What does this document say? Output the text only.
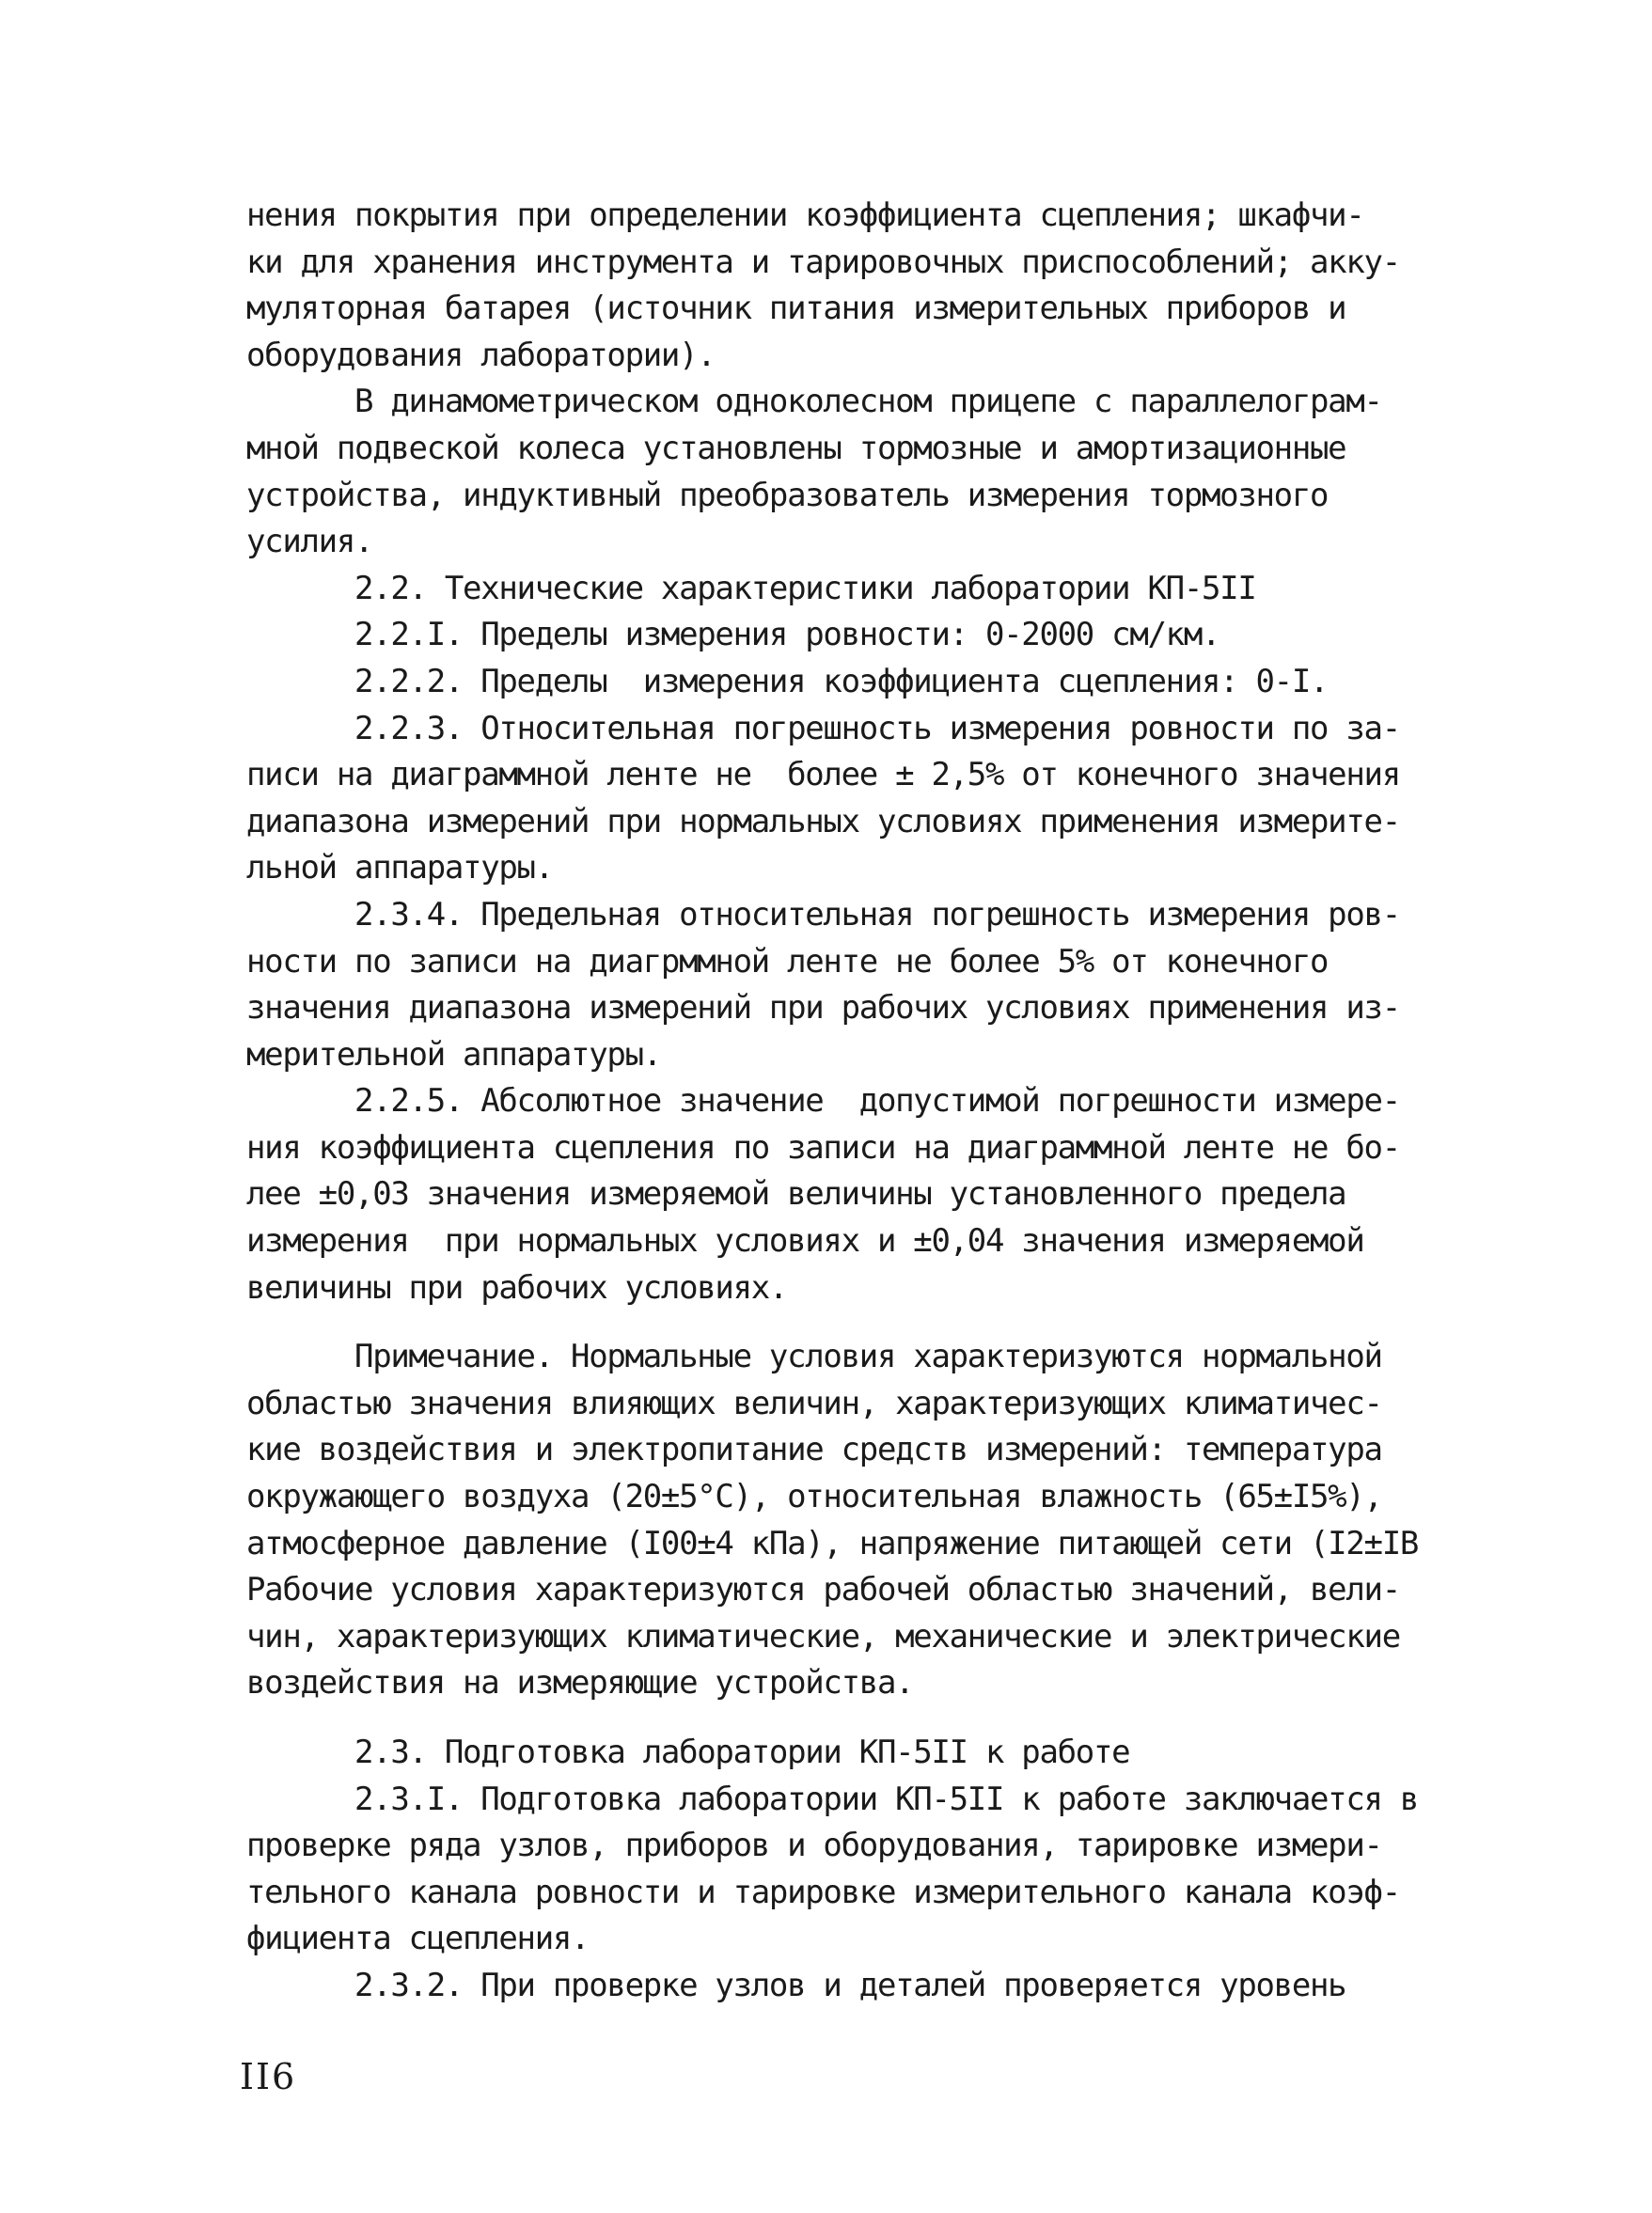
нения покрытия при определении коэффициента сцепления; шкафчи-
ки для хранения инструмента и тарировочных приспособлений; акку-
муляторная батарея (источник питания измерительных приборов и
оборудования лаборатории).
В динамометрическом одноколесном прицепе с параллелограм-
мной подвеской колеса установлены тормозные и амортизационные
устройства, индуктивный преобразователь измерения тормозного
усилия.
2.2. Технические характеристики лаборатории КП-5II
2.2.I. Пределы измерения ровности: 0-2000 см/км.
2.2.2. Пределы  измерения коэффициента сцепления: 0-I.
2.2.3. Относительная погрешность измерения ровности по за-
писи на диаграммной ленте не  более ± 2,5% от конечного значения
диапазона измерений при нормальных условиях применения измерите-
льной аппаратуры.
2.3.4. Предельная относительная погрешность измерения ров-
ности по записи на диагрммной ленте не более 5% от конечного
значения диапазона измерений при рабочих условиях применения из-
мерительной аппаратуры.
2.2.5. Абсолютное значение  допустимой погрешности измере-
ния коэффициента сцепления по записи на диаграммной ленте не бо-
лее ±0,03 значения измеряемой величины установленного предела
измерения  при нормальных условиях и ±0,04 значения измеряемой
величины при рабочих условиях.
Примечание. Нормальные условия характеризуются нормальной
областью значения влияющих величин, характеризующих климатичес-
кие воздействия и электропитание средств измерений: температура
окружающего воздуха (20±5°С), относительная влажность (65±I5%),
атмосферное давление (I00±4 кПа), напряжение питающей сети (I2±IB
Рабочие условия характеризуются рабочей областью значений, вели-
чин, характеризующих климатические, механические и электрические
воздействия на измеряющие устройства.
2.3. Подготовка лаборатории КП-5II к работе
2.3.I. Подготовка лаборатории КП-5II к работе заключается в
проверке ряда узлов, приборов и оборудования, тарировке измери-
тельного канала ровности и тарировке измерительного канала коэф-
фициента сцепления.
2.3.2. При проверке узлов и деталей проверяется уровень
II6
